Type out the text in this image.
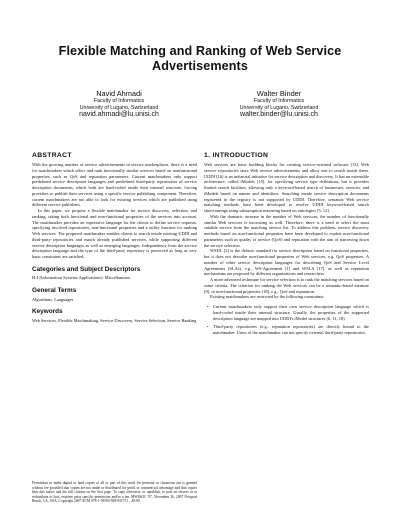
Flexible Matching and Ranking of Web Service Advertisements
Navid Ahmadi
Faculty of Informatics
University of Lugano, Switzerland
navid.ahmadi@lu.unisi.ch
Walter Binder
Faculty of Informatics
University of Lugano, Switzerland
walter.binder@lu.unisi.ch
ABSTRACT

With the growing number of service advertisements in service marketplaces, there is a need for matchmakers which select and rank functionally similar services based on nonfunctional properties, such as QoS and reputation parameters. Current matchmakers only support predefined service description languages and predefined third-party repositories of service description documents, which both are hard-coded inside their internal structure, forcing providers to publish their services using a specific service publishing component. Therefore, current matchmakers are not able to look for existing services which are published using different service publishers.

In this paper, we propose a flexible matchmaker for service discovery, selection, and ranking, taking both functional and non-functional properties of the services into account. The matchmaker provides an expressive language for the clients to define service requests, specifying involved repositories, non-functional properties and a utility function for ranking Web services. The proposed matchmaker enables clients to search inside existing UDDI and third-party repositories and match already published services, while supporting different service description languages as well as emerging languages. Independency from the service description language and the type of the third-party repository is preserved as long as very basic constraints are satisfied.

Categories and Subject Descriptors

H.4 [Information Systems Applications]: Miscellaneous

General Terms

Algorithms, Languages

Keywords

Web Services, Flexible Matchmaking, Service Discovery, Service Selection, Service Ranking

Permission to make digital or hard copies of all or part of this work for personal or classroom use is granted without fee provided that copies are not made or distributed for profit or commercial advantage and that copies bear this notice and the full citation on the first page. To copy otherwise, to republish, to post on servers or to redistribute to lists, requires prior specific permission and/or a fee. MW4SOC '07, November 26, 2007 Newport Beach, CA, USA. Copyright 2007 ACM 978-1-59593-928-9/07/11 ...$5.00.

1. INTRODUCTION

Web services are basic building blocks for creating service-oriented software [13]. Web service repositories store Web service advertisements and allow one to search inside them. UDDI [16] is an industrial initiative for service description and discovery. It has an extensible architecture, called tModels [15], for specifying service type definitions, but it provides limited search facilities, allowing only a keyword-based search of businesses, services, and tModels based on names and identifiers. Searching inside service description documents registered in the registry is not supported by UDDI. Therefore, semantic Web service matching methods have been developed to resolve UDDI keyword-based search shortcomings using subsumption reasoning based on ontologies [5, 12].

With the dramatic increase in the number of Web services, the number of functionally similar Web services is increasing as well. Therefore, there is a need to select the most suitable service from the matching service list. To address this problem, service discovery methods based on non-functional properties have been developed to exploit non-functional parameters such as quality of service (QoS) and reputation with the aim of narrowing down the service selection.

WSDL [2] is the defacto standard for service description based on functional properties, but it does not describe non-functional properties of Web services, e.g. QoS properties. A number of other service description languages for describing QoS and Service Level Agreements (SLAs), e.g., WS-Agreement [1] and WSLA [17], as well as reputation mechanisms are proposed by different organizations and researchers.

A more advanced technique for service selection is to rank the matching services based on some criteria. The criterion for ranking the Web services can be a semantic-based measure [8], or non-functional properties [18], e.g., QoS and reputation.

Existing matchmakers are restricted by the following constraints:

• Current matchmakers only support their own service description language which is hard-coded inside their internal structure. Usually, the properties of the supported description language are mapped into UDDI's tModel structures [6, 11, 18].
• Third-party repositories (e.g., reputation repositories) are directly bound to the matchmaker. Users of the matchmaker can not specify external third-party repositories.
